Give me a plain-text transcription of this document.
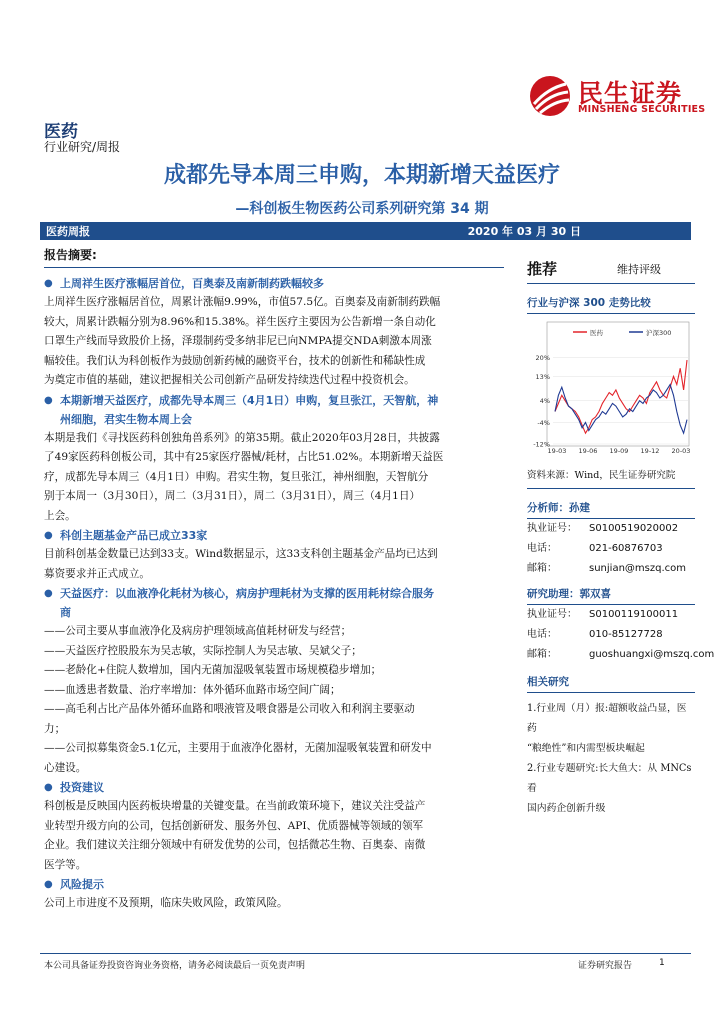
民生证券
MINSHENG SECURITIES
医药
行业研究/周报
成都先导本周三申购，本期新增天益医疗
—科创板生物医药公司系列研究第 34 期
医药周报	2020 年 03 月 30 日
报告摘要:
● 上周祥生医疗涨幅居首位，百奥泰及南新制药跌幅较多
上周祥生医疗涨幅居首位，周累计涨幅9.99%，市值57.5亿。百奥泰及南新制药跌幅
较大，周累计跌幅分别为8.96%和15.38%。祥生医疗主要因为公告新增一条自动化
口罩生产线而导致股价上扬，泽璟制药受多纳非尼已向NMPA提交NDA刺激本周涨
幅较佳。我们认为科创板作为鼓励创新药械的融资平台，技术的创新性和稀缺性成
为奠定市值的基础，建议把握相关公司创新产品研发持续迭代过程中投资机会。
● 本期新增天益医疗，成都先导本周三（4月1日）申购，复旦张江，天智航，神
州细胞，君实生物本周上会
本期是我们《寻找医药科创独角兽系列》的第35期。截止2020年03月28日，共披露
了49家医药科创板公司，其中有25家医疗器械/耗材，占比51.02%。本期新增天益医
疗，成都先导本周三（4月1日）申购。君实生物，复旦张江，神州细胞，天智航分
别于本周一（3月30日），周二（3月31日），周二（3月31日），周三（4月1日）
上会。
● 科创主题基金产品已成立33家
目前科创基金数量已达到33支。Wind数据显示，这33支科创主题基金产品均已达到
募资要求并正式成立。
● 天益医疗：以血液净化耗材为核心，病房护理耗材为支撑的医用耗材综合服务
商
——公司主要从事血液净化及病房护理领域高值耗材研发与经营；
——天益医疗控股股东为吴志敏，实际控制人为吴志敏、吴斌父子；
——老龄化+住院人数增加，国内无菌加湿吸氧装置市场规模稳步增加；
——血透患者数量、治疗率增加：体外循环血路市场空间广阔；
——高毛利占比产品体外循环血路和喂液管及喂食器是公司收入和利润主要驱动
力；
——公司拟募集资金5.1亿元，主要用于血液净化器材，无菌加湿吸氧装置和研发中
心建设。
● 投资建议
科创板是反映国内医药板块增量的关键变量。在当前政策环境下，建议关注受益产
业转型升级方向的公司，包括创新研发、服务外包、API、优质器械等领域的领军
企业。我们建议关注细分领域中有研发优势的公司，包括微芯生物、百奥泰、南微
医学等。
● 风险提示
公司上市进度不及预期，临床失败风险，政策风险。
推荐	维持评级
行业与沪深 300 走势比较
医药	沪深300
20%
13%
4%
-4%
-12%
19-03 19-06 19-09 19-12 20-03
资料来源：Wind，民生证券研究院
分析师：孙建
执业证号：	S0100519020002
电话：	021-60876703
邮箱：	sunjian@mszq.com
研究助理：郭双喜
执业证号：	S0100119100011
电话：	010-85127728
邮箱：	guoshuangxi@mszq.com
相关研究
1.行业周（月）报:超额收益凸显，医药
“粮绝性”和内需型板块崛起
2.行业专题研究:长大鱼大：从 MNCs 看
国内药企创新升级
本公司具备证券投资咨询业务资格，请务必阅读最后一页免责声明	证券研究报告	1
